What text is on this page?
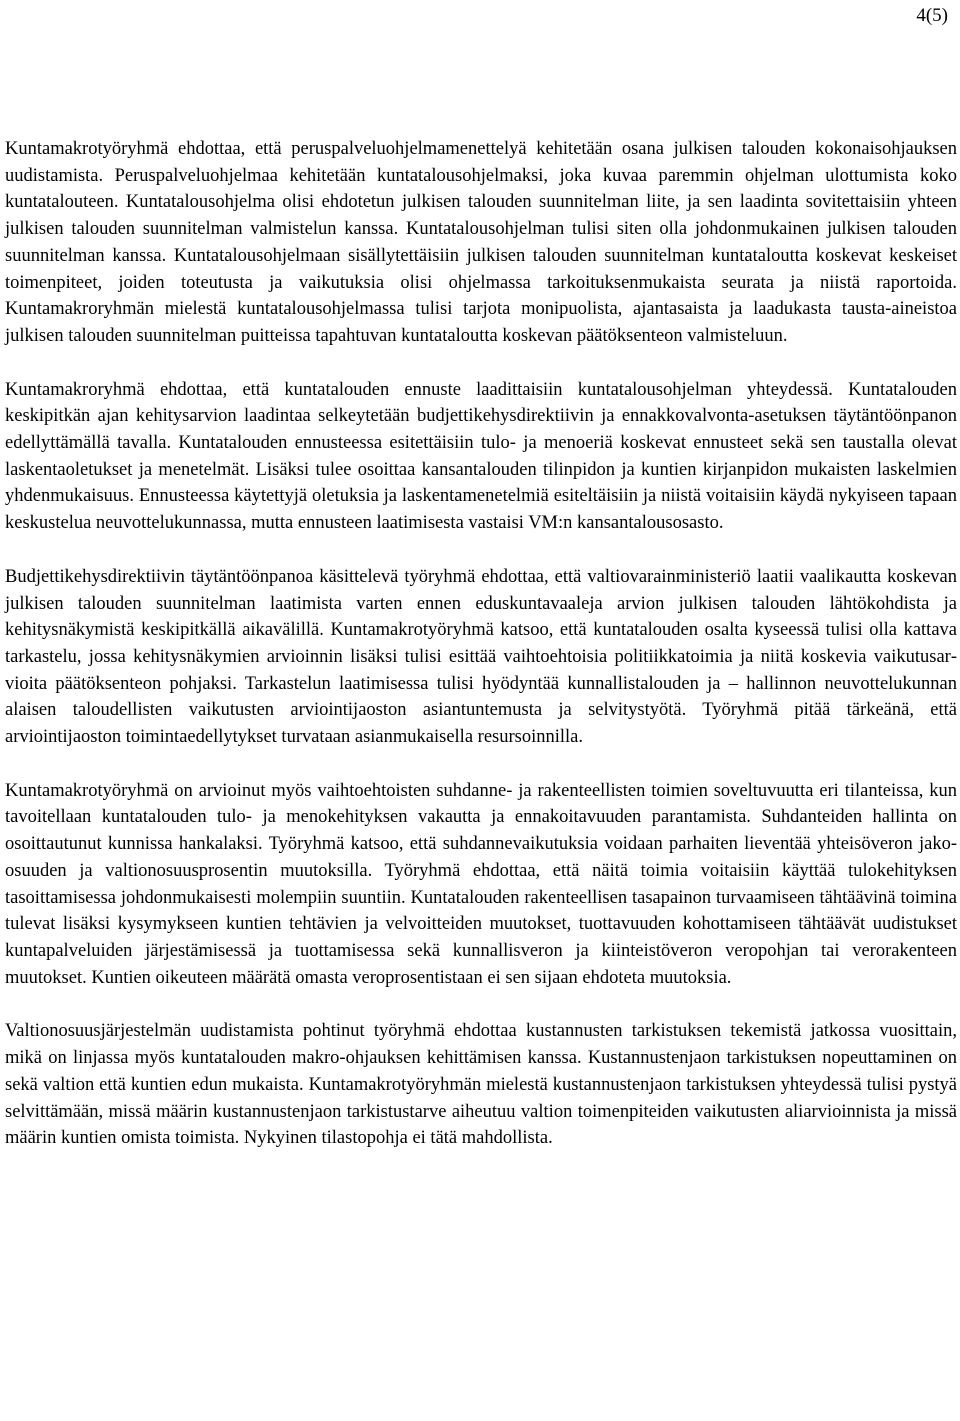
4(5)

Kuntamakrotyöryhmä ehdottaa, että peruspalveluohjelmamenettelyä kehitetään osana julkisen talouden kokonaisohjauksen uudistamista. Peruspalveluohjelmaa kehitetään kuntatalousohjelmaksi, joka kuvaa paremmin ohjelman ulottumista koko kuntatalouteen. Kuntatalousohjelma olisi ehdotetun julkisen talouden suunnitelman liite, ja sen laadinta sovitettaisiin yhteen julkisen talouden suunnitelman valmistelun kanssa. Kuntatalousohjelman tulisi siten olla johdonmukainen julkisen talouden suunnitelman kanssa. Kuntatalousohjelmaan sisällytettäisiin julkisen talouden suunnitelman kuntataloutta koskevat keskeiset toimenpiteet, joiden toteutusta ja vaikutuksia olisi ohjelmassa tarkoituksenmukaista seurata ja niistä raportoida. Kuntamakroryhmän mielestä kuntatalousohjelmassa tulisi tarjota monipuolista, ajantasaista ja laadukasta tausta-aineistoa julkisen talouden suunnitelman puitteissa tapahtuvan kuntataloutta koskevan päätöksenteon valmisteluun.

Kuntamakroryhmä ehdottaa, että kuntatalouden ennuste laadittaisiin kuntatalousohjelman yhteydessä. Kuntatalouden keskipitkän ajan kehitysarvion laadintaa selkeytetään budjettikehysdirektiivin ja ennakkovalvonta-asetuksen täytäntöönpanon edellyttämällä tavalla. Kuntatalouden ennusteessa esitettäisiin tulo- ja menoeriä koskevat ennusteet sekä sen taustalla olevat laskentaoletukset ja menetelmät. Lisäksi tulee osoittaa kansantalouden tilinpidon ja kuntien kirjanpidon mukaisten laskelmien yhdenmukaisuus. Ennusteessa käytettyjä oletuksia ja laskentamenetelmiä esiteltäisiin ja niistä voitaisiin käydä nykyiseen tapaan keskustelua neuvottelukunnassa, mutta ennusteen laatimisesta vastaisi VM:n kansantalousosasto.

Budjettikehysdirektiivin täytäntöönpanoa käsittelevä työryhmä ehdottaa, että valtiovarainministeriö laatii vaalikautta koskevan julkisen talouden suunnitelman laatimista varten ennen eduskuntavaaleja arvion julkisen talouden lähtökohdista ja kehitysnäkymistä keskipitkällä aikavälillä. Kuntamakrotyöryhmä katsoo, että kuntatalouden osalta kyseessä tulisi olla kattava tarkastelu, jossa kehitysnäkymien arvioinnin lisäksi tulisi esittää vaihtoehtoisia politiikkatoimia ja niitä koskevia vaikutusarvioita päätöksenteon pohjaksi. Tarkastelun laatimisessa tulisi hyödyntää kunnallistalouden ja – hallinnon neuvottelukunnan alaisen taloudellisten vaikutusten arviointijaoston asiantuntemusta ja selvitystyötä. Työryhmä pitää tärkeänä, että arviointijaoston toimintaedellytykset turvataan asianmukaisella resursoinnilla.

Kuntamakrotyöryhmä on arvioinut myös vaihtoehtoisten suhdanne- ja rakenteellisten toimien soveltuvuutta eri tilanteissa, kun tavoitellaan kuntatalouden tulo- ja menokehityksen vakautta ja ennakoitavuuden parantamista. Suhdanteiden hallinta on osoittautunut kunnissa hankalaksi. Työryhmä katsoo, että suhdannevaikutuksia voidaan parhaiten lieventää yhteisöveron jako-osuuden ja valtionosuusprosentin muutoksilla. Työryhmä ehdottaa, että näitä toimia voitaisiin käyttää tulokehityksen tasoittamisessa johdonmukaisesti molempiin suuntiin. Kuntatalouden rakenteellisen tasapainon turvaamiseen tähtäävinä toimina tulevat lisäksi kysymykseen kuntien tehtävien ja velvoitteiden muutokset, tuottavuuden kohottamiseen tähtäävät uudistukset kuntapalveluiden järjestämisessä ja tuottamisessa sekä kunnallisveron ja kiinteistöveron veropohjan tai verorakenteen muutokset. Kuntien oikeuteen määrätä omasta veroprosentistaan ei sen sijaan ehdoteta muutoksia.

Valtionosuusjärjestelmän uudistamista pohtinut työryhmä ehdottaa kustannusten tarkistuksen tekemistä jatkossa vuosittain, mikä on linjassa myös kuntatalouden makro-ohjauksen kehittämisen kanssa. Kustannustenjaon tarkistuksen nopeuttaminen on sekä valtion että kuntien edun mukaista. Kuntamakrotyöryhmän mielestä kustannustenjaon tarkistuksen yhteydessä tulisi pystyä selvittämään, missä määrin kustannustenjaon tarkistustarve aiheutuu valtion toimenpiteiden vaikutusten aliarvioinnista ja missä määrin kuntien omista toimista. Nykyinen tilastopohja ei tätä mahdollista.
